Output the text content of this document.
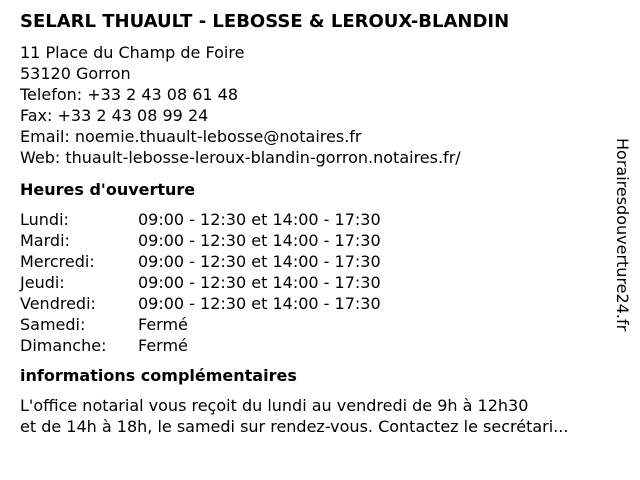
SELARL THUAULT - LEBOSSE & LEROUX-BLANDIN
11 Place du Champ de Foire
53120 Gorron
Telefon: +33 2 43 08 61 48
Fax: +33 2 43 08 99 24
Email: noemie.thuault-lebosse@notaires.fr
Web: thuault-lebosse-leroux-blandin-gorron.notaires.fr/
Heures d'ouverture
Lundi:	09:00 - 12:30 et 14:00 - 17:30
Mardi:	09:00 - 12:30 et 14:00 - 17:30
Mercredi:	09:00 - 12:30 et 14:00 - 17:30
Jeudi:	09:00 - 12:30 et 14:00 - 17:30
Vendredi:	09:00 - 12:30 et 14:00 - 17:30
Samedi:	Fermé
Dimanche:	Fermé
informations complémentaires
L'office notarial vous reçoit du lundi au vendredi de 9h à 12h30
et de 14h à 18h, le samedi sur rendez-vous. Contactez le secrétari...
Horairesdouverture24.fr
